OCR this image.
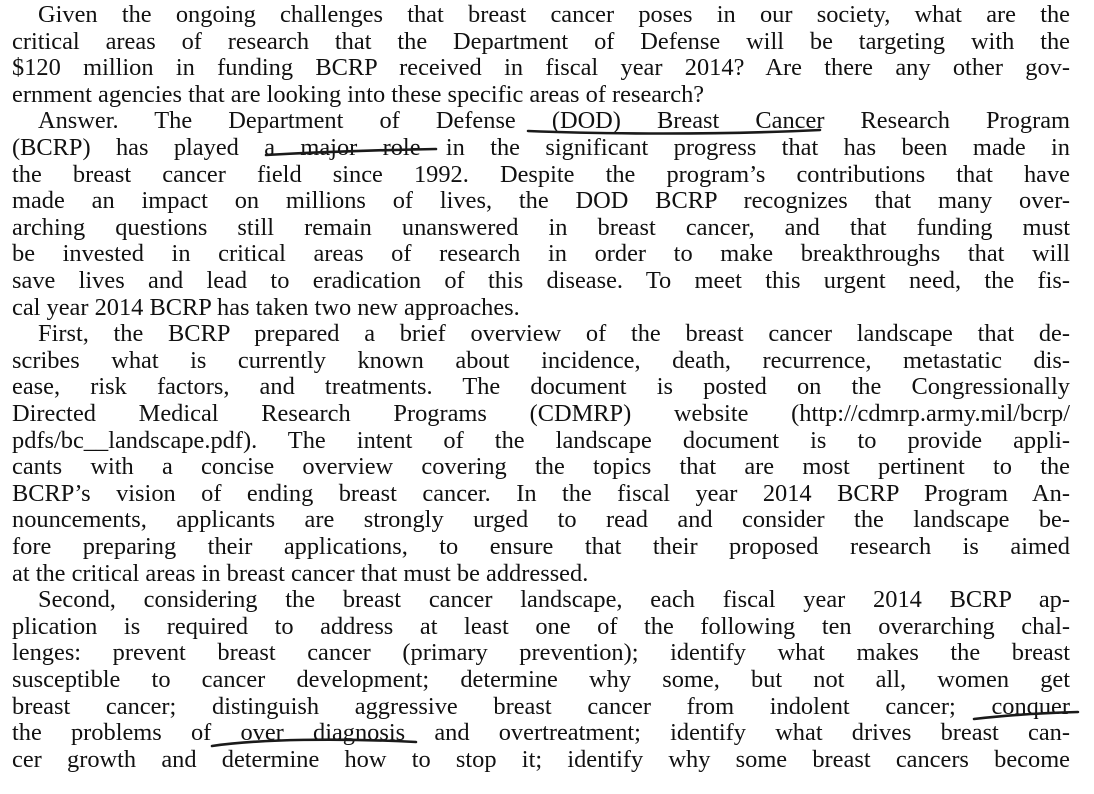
Given the ongoing challenges that breast cancer poses in our society, what are the
critical areas of research that the Department of Defense will be targeting with the
$120 million in funding BCRP received in fiscal year 2014? Are there any other gov-
ernment agencies that are looking into these specific areas of research?
Answer. The Department of Defense (DOD) Breast Cancer Research Program
(BCRP) has played a major role in the significant progress that has been made in
the breast cancer field since 1992. Despite the program’s contributions that have
made an impact on millions of lives, the DOD BCRP recognizes that many over-
arching questions still remain unanswered in breast cancer, and that funding must
be invested in critical areas of research in order to make breakthroughs that will
save lives and lead to eradication of this disease. To meet this urgent need, the fis-
cal year 2014 BCRP has taken two new approaches.
First, the BCRP prepared a brief overview of the breast cancer landscape that de-
scribes what is currently known about incidence, death, recurrence, metastatic dis-
ease, risk factors, and treatments. The document is posted on the Congressionally
Directed Medical Research Programs (CDMRP) website (http://cdmrp.army.mil/bcrp/
pdfs/bc__landscape.pdf). The intent of the landscape document is to provide appli-
cants with a concise overview covering the topics that are most pertinent to the
BCRP’s vision of ending breast cancer. In the fiscal year 2014 BCRP Program An-
nouncements, applicants are strongly urged to read and consider the landscape be-
fore preparing their applications, to ensure that their proposed research is aimed
at the critical areas in breast cancer that must be addressed.
Second, considering the breast cancer landscape, each fiscal year 2014 BCRP ap-
plication is required to address at least one of the following ten overarching chal-
lenges: prevent breast cancer (primary prevention); identify what makes the breast
susceptible to cancer development; determine why some, but not all, women get
breast cancer; distinguish aggressive breast cancer from indolent cancer; conquer
the problems of over diagnosis and overtreatment; identify what drives breast can-
cer growth and determine how to stop it; identify why some breast cancers become
